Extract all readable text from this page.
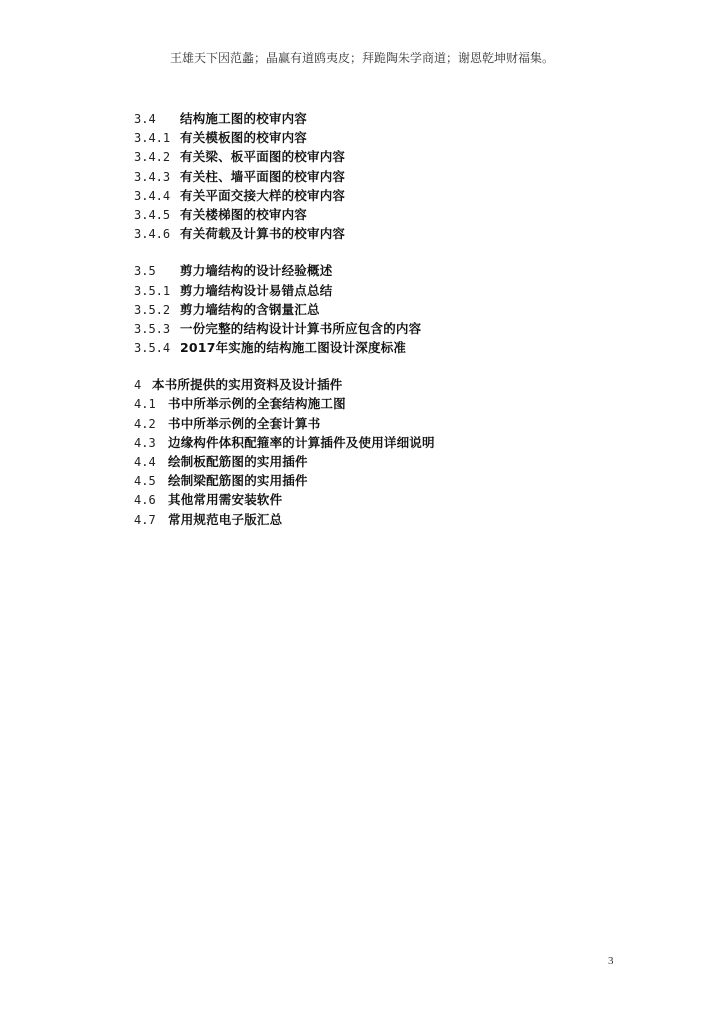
王雄天下因范蠡；晶赢有道鸥夷皮；拜跪陶朱学商道；谢恩乾坤财福集。
3.4	结构施工图的校审内容
3.4.1 有关模板图的校审内容
3.4.2 有关梁、板平面图的校审内容
3.4.3 有关柱、墙平面图的校审内容
3.4.4 有关平面交接大样的校审内容
3.4.5 有关楼梯图的校审内容
3.4.6 有关荷载及计算书的校审内容
3.5	剪力墙结构的设计经验概述
3.5.1 剪力墙结构设计易错点总结
3.5.2 剪力墙结构的含钢量汇总
3.5.3 一份完整的结构设计计算书所应包含的内容
3.5.4 2017年实施的结构施工图设计深度标准
4 本书所提供的实用资料及设计插件
4.1 书中所举示例的全套结构施工图
4.2 书中所举示例的全套计算书
4.3 边缘构件体积配箍率的计算插件及使用详细说明
4.4 绘制板配筋图的实用插件
4.5 绘制梁配筋图的实用插件
4.6 其他常用需安装软件
4.7 常用规范电子版汇总
3
